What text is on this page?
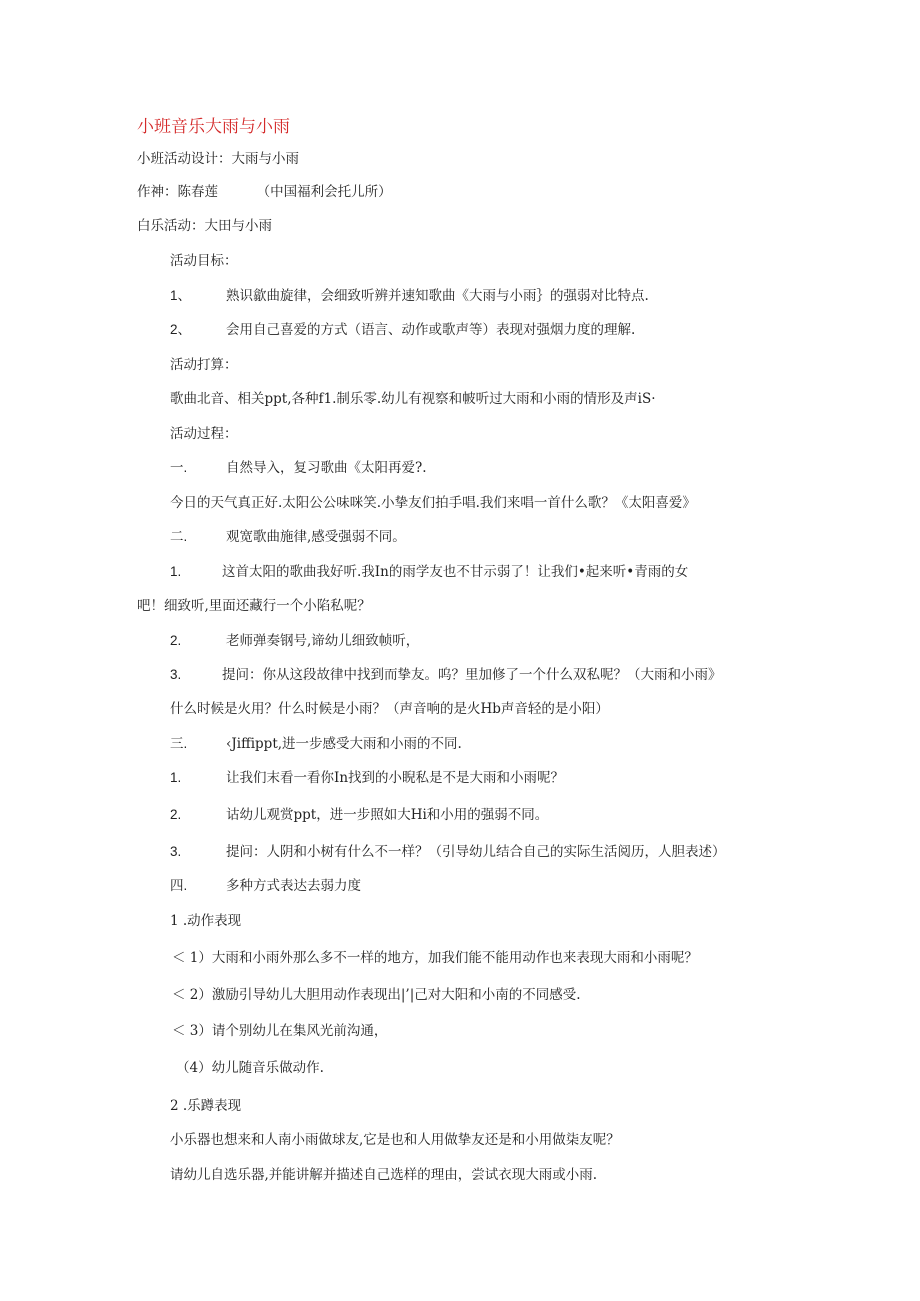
小班音乐大雨与小雨
小班活动设计：大雨与小雨
作神：陈春莲	（中国福利会托儿所）
白乐活动：大田与小雨
活动目标：
1、	熟识歙曲旋律，会细致听辨并速知歌曲《大雨与小雨｝的强弱对比特点.
2、	会用自己喜爱的方式（语言、动作或歌声等）表现对强烟力度的理解.
活动打算：
歌曲北音、相关ppt,各种f1.制乐零.幼儿有视察和帔听过大雨和小雨的情形及声iS·
活动过程：
一.	自然导入，复习歌曲《太阳再爱?.
今日的天气真正好.太阳公公味咪笑.小挚友们拍手唱.我们来唱一首什么歌？《太阳喜爱》
二.	观宽歌曲施律,感受强弱不同。
1.	这首太阳的歌曲我好听.我In的雨学友也不甘示弱了！让我们•起来听•青雨的女
吧！细致听,里面还藏行一个小陷私呢？
2.	老师弹奏钢号,谛幼儿细致帧听，
3.	提问：你从这段故律中找到而挚友。呜？里加修了一个什么双私呢？（大雨和小雨》
什么时候是火用？什么时候是小雨？（声音响的是火Hb声音轻的是小阳）
三.	‹Jiffippt,进一步感受大雨和小雨的不同.
1.	让我们末看一看你In找到的小睨私是不是大雨和小雨呢？
2.	诂幼儿观赏ppt，进一步照如大Hi和小用的强弱不同。
3.	提问：人阴和小树有什么不一样？（引导幼儿结合自己的实际生活阅历，人胆表述）
四.	多种方式表达去弱力度
1 .动作表现
＜ 1）大雨和小雨外那么多不一样的地方，加我们能不能用动作也来表现大雨和小雨呢？
＜ 2）激励引导幼儿大胆用动作表现出|’|己对大阳和小南的不同感受.
＜ 3）请个别幼儿在集风光前沟通，
（4）幼儿随音乐做动作.
2 .乐蹲表现
小乐器也想来和人南小雨做球友,它是也和人用做挚友还是和小用做柒友呢？
请幼儿自选乐器,并能讲解并描述自己选样的理由，尝试衣现大雨或小雨.
